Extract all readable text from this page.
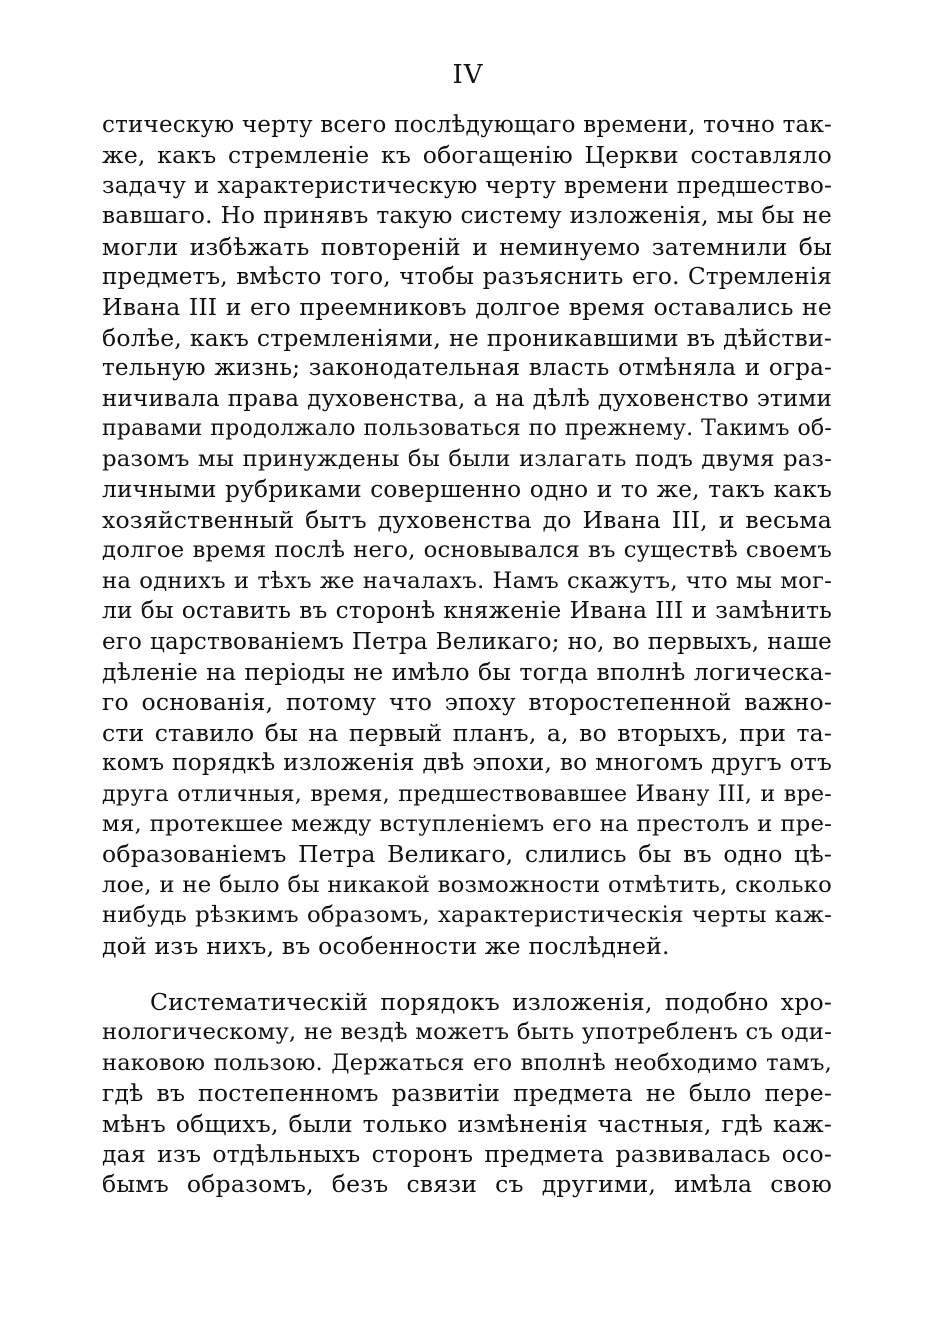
IV
стическую черту всего послѣдующаго времени, точно так-
же, какъ стремленіе къ обогащенію Церкви составляло
задачу и характеристическую черту времени предшество-
вавшаго. Но принявъ такую систему изложенія, мы бы не
могли избѣжать повтореній и неминуемо затемнили бы
предметъ, вмѣсто того, чтобы разъяснить его. Стремленія
Ивана III и его преемниковъ долгое время оставались не
болѣе, какъ стремленіями, не проникавшими въ дѣйстви-
тельную жизнь; законодательная власть отмѣняла и огра-
ничивала права духовенства, а на дѣлѣ духовенство этими
правами продолжало пользоваться по прежнему. Такимъ об-
разомъ мы принуждены бы были излагать подъ двумя раз-
личными рубриками совершенно одно и то же, такъ какъ
хозяйственный бытъ духовенства до Ивана III, и весьма
долгое время послѣ него, основывался въ существѣ своемъ
на однихъ и тѣхъ же началахъ. Намъ скажутъ, что мы мог-
ли бы оставить въ сторонѣ княженіе Ивана III и замѣнить
его царствованіемъ Петра Великаго; но, во первыхъ, наше
дѣленіе на періоды не имѣло бы тогда вполнѣ логическа-
го основанія, потому что эпоху второстепенной важно-
сти ставило бы на первый планъ, а, во вторыхъ, при та-
комъ порядкѣ изложенія двѣ эпохи, во многомъ другъ отъ
друга отличныя, время, предшествовавшее Ивану III, и вре-
мя, протекшее между вступленіемъ его на престолъ и пре-
образованіемъ Петра Великаго, слились бы въ одно цѣ-
лое, и не было бы никакой возможности отмѣтить, сколько
нибудь рѣзкимъ образомъ, характеристическія черты каж-
дой изъ нихъ, въ особенности же послѣдней.
Систематическій порядокъ изложенія, подобно хро-
нологическому, не вездѣ можетъ быть употребленъ съ оди-
наковою пользою. Держаться его вполнѣ необходимо тамъ,
гдѣ въ постепенномъ развитіи предмета не было пере-
мѣнъ общихъ, были только измѣненія частныя, гдѣ каж-
дая изъ отдѣльныхъ сторонъ предмета развивалась осо-
бымъ образомъ, безъ связи съ другими, имѣла свою
